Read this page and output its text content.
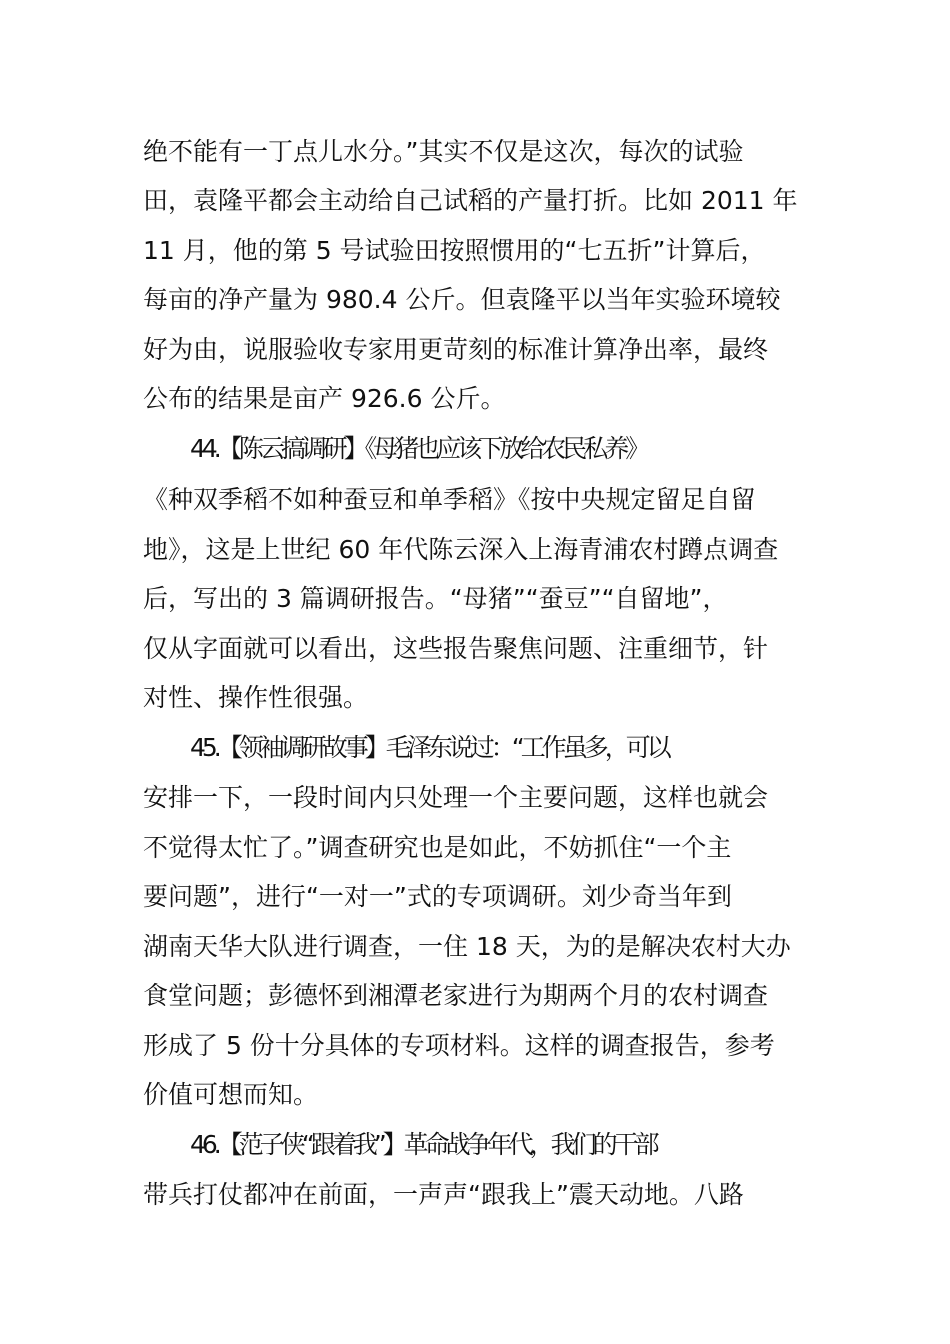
绝不能有一丁点儿水分。”其实不仅是这次，每次的试验
田，袁隆平都会主动给自己试稻的产量打折。比如 2011 年
11 月，他的第 5 号试验田按照惯用的“七五折”计算后，
每亩的净产量为 980.4 公斤。但袁隆平以当年实验环境较
好为由，说服验收专家用更苛刻的标准计算净出率，最终
公布的结果是亩产 926.6 公斤。
44.【陈云搞调研】《母猪也应该下放给农民私养》
《种双季稻不如种蚕豆和单季稻》《按中央规定留足自留
地》，这是上世纪 60 年代陈云深入上海青浦农村蹲点调查
后，写出的 3 篇调研报告。“母猪”“蚕豆”“自留地”，
仅从字面就可以看出，这些报告聚焦问题、注重细节，针
对性、操作性很强。
45.【领袖调研故事】毛泽东说过：“工作虽多，可以
安排一下，一段时间内只处理一个主要问题，这样也就会
不觉得太忙了。”调查研究也是如此，不妨抓住“一个主
要问题”，进行“一对一”式的专项调研。刘少奇当年到
湖南天华大队进行调查，一住 18 天，为的是解决农村大办
食堂问题；彭德怀到湘潭老家进行为期两个月的农村调查
形成了 5 份十分具体的专项材料。这样的调查报告，参考
价值可想而知。
46.【范子侠“跟着我”】革命战争年代，我们的干部
带兵打仗都冲在前面，一声声“跟我上”震天动地。八路
